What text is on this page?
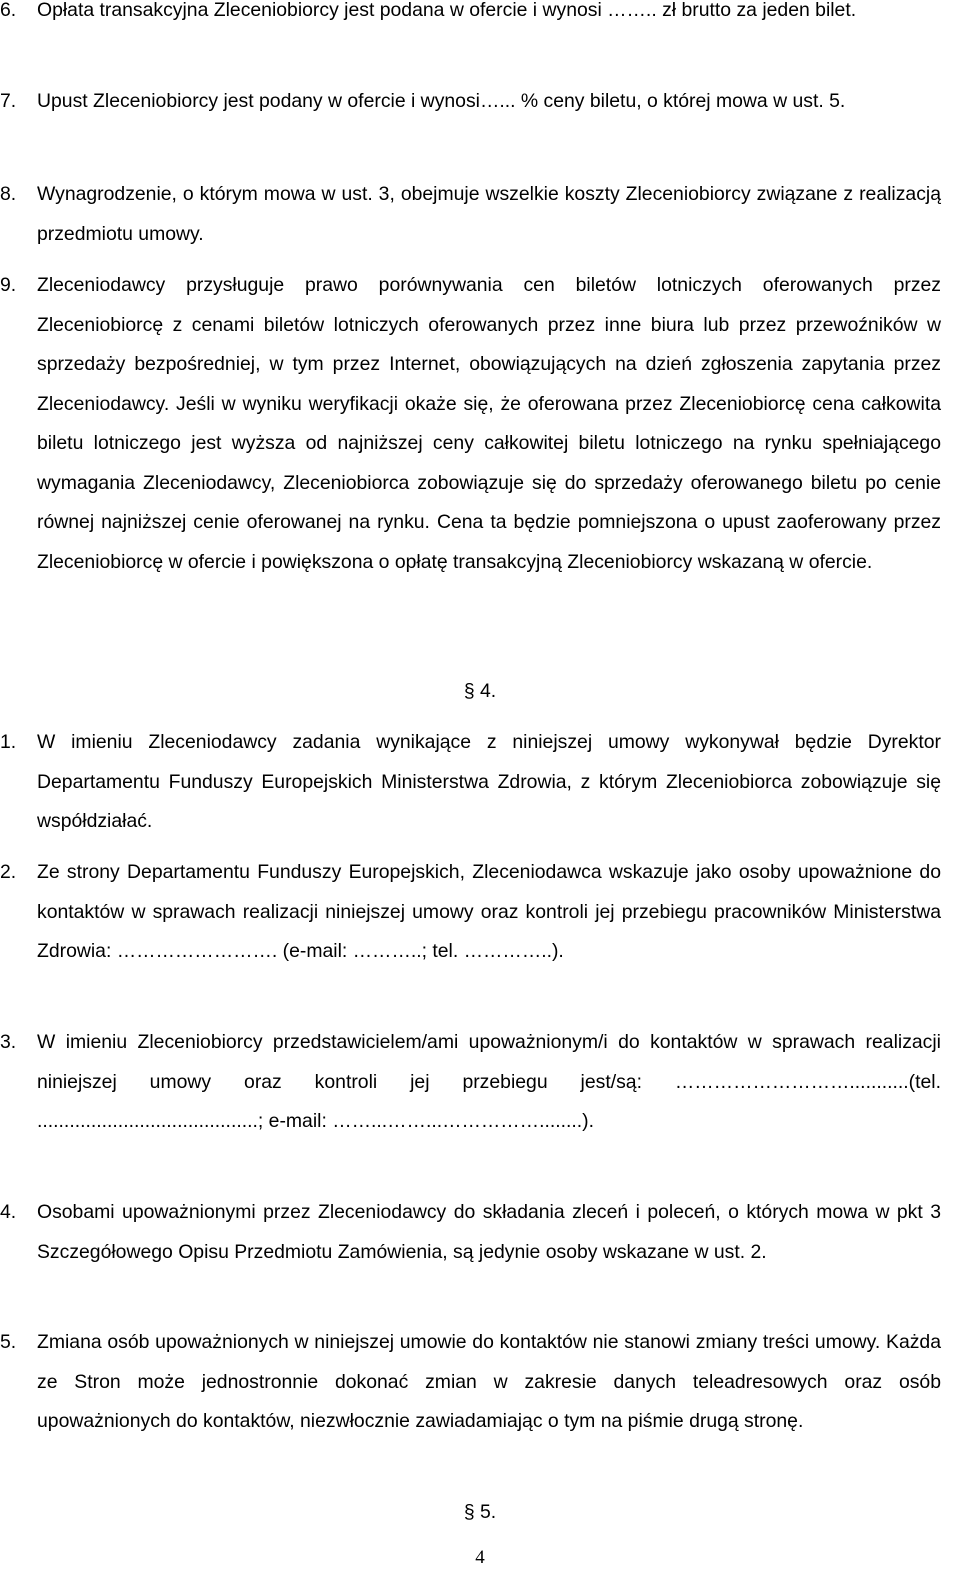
6. Opłata transakcyjna Zleceniobiorcy jest podana w ofercie i wynosi …….. zł brutto za jeden bilet.
7. Upust Zleceniobiorcy jest podany w ofercie i wynosi…... % ceny biletu, o której mowa w ust. 5.
8. Wynagrodzenie, o którym mowa w ust. 3, obejmuje wszelkie koszty Zleceniobiorcy związane z realizacją przedmiotu umowy.
9. Zleceniodawcy przysługuje prawo porównywania cen biletów lotniczych oferowanych przez Zleceniobiorcę z cenami biletów lotniczych oferowanych przez inne biura lub przez przewoźników w sprzedaży bezpośredniej, w tym przez Internet, obowiązujących na dzień zgłoszenia zapytania przez Zleceniodawcy. Jeśli w wyniku weryfikacji okaże się, że oferowana przez Zleceniobiorcę cena całkowita biletu lotniczego jest wyższa od najniższej ceny całkowitej biletu lotniczego na rynku spełniającego wymagania Zleceniodawcy, Zleceniobiorca zobowiązuje się do sprzedaży oferowanego biletu po cenie równej najniższej cenie oferowanej na rynku. Cena ta będzie pomniejszona o upust zaoferowany przez Zleceniobiorcę w ofercie i powiększona o opłatę transakcyjną Zleceniobiorcy wskazaną w ofercie.
§ 4.
1. W imieniu Zleceniodawcy zadania wynikające z niniejszej umowy wykonywał będzie Dyrektor Departamentu Funduszy Europejskich Ministerstwa Zdrowia, z którym Zleceniobiorca zobowiązuje się współdziałać.
2. Ze strony Departamentu Funduszy Europejskich, Zleceniodawca wskazuje jako osoby upoważnione do kontaktów w sprawach realizacji niniejszej umowy oraz kontroli jej przebiegu pracowników Ministerstwa Zdrowia: ……………………. (e-mail: ………..; tel. …………..).
3. W imieniu Zleceniobiorcy przedstawicielem/ami upoważnionym/i do kontaktów w sprawach realizacji niniejszej umowy oraz kontroli jej przebiegu jest/są: ………………………...........(tel. .........................................; e-mail: ……...……...……………........).
4. Osobami upoważnionymi przez Zleceniodawcy do składania zleceń i poleceń, o których mowa w pkt 3 Szczegółowego Opisu Przedmiotu Zamówienia, są jedynie osoby wskazane w ust. 2.
5. Zmiana osób upoważnionych w niniejszej umowie do kontaktów nie stanowi zmiany treści umowy. Każda ze Stron może jednostronnie dokonać zmian w zakresie danych teleadresowych oraz osób upoważnionych do kontaktów, niezwłocznie zawiadamiając o tym na piśmie drugą stronę.
§ 5.
4
